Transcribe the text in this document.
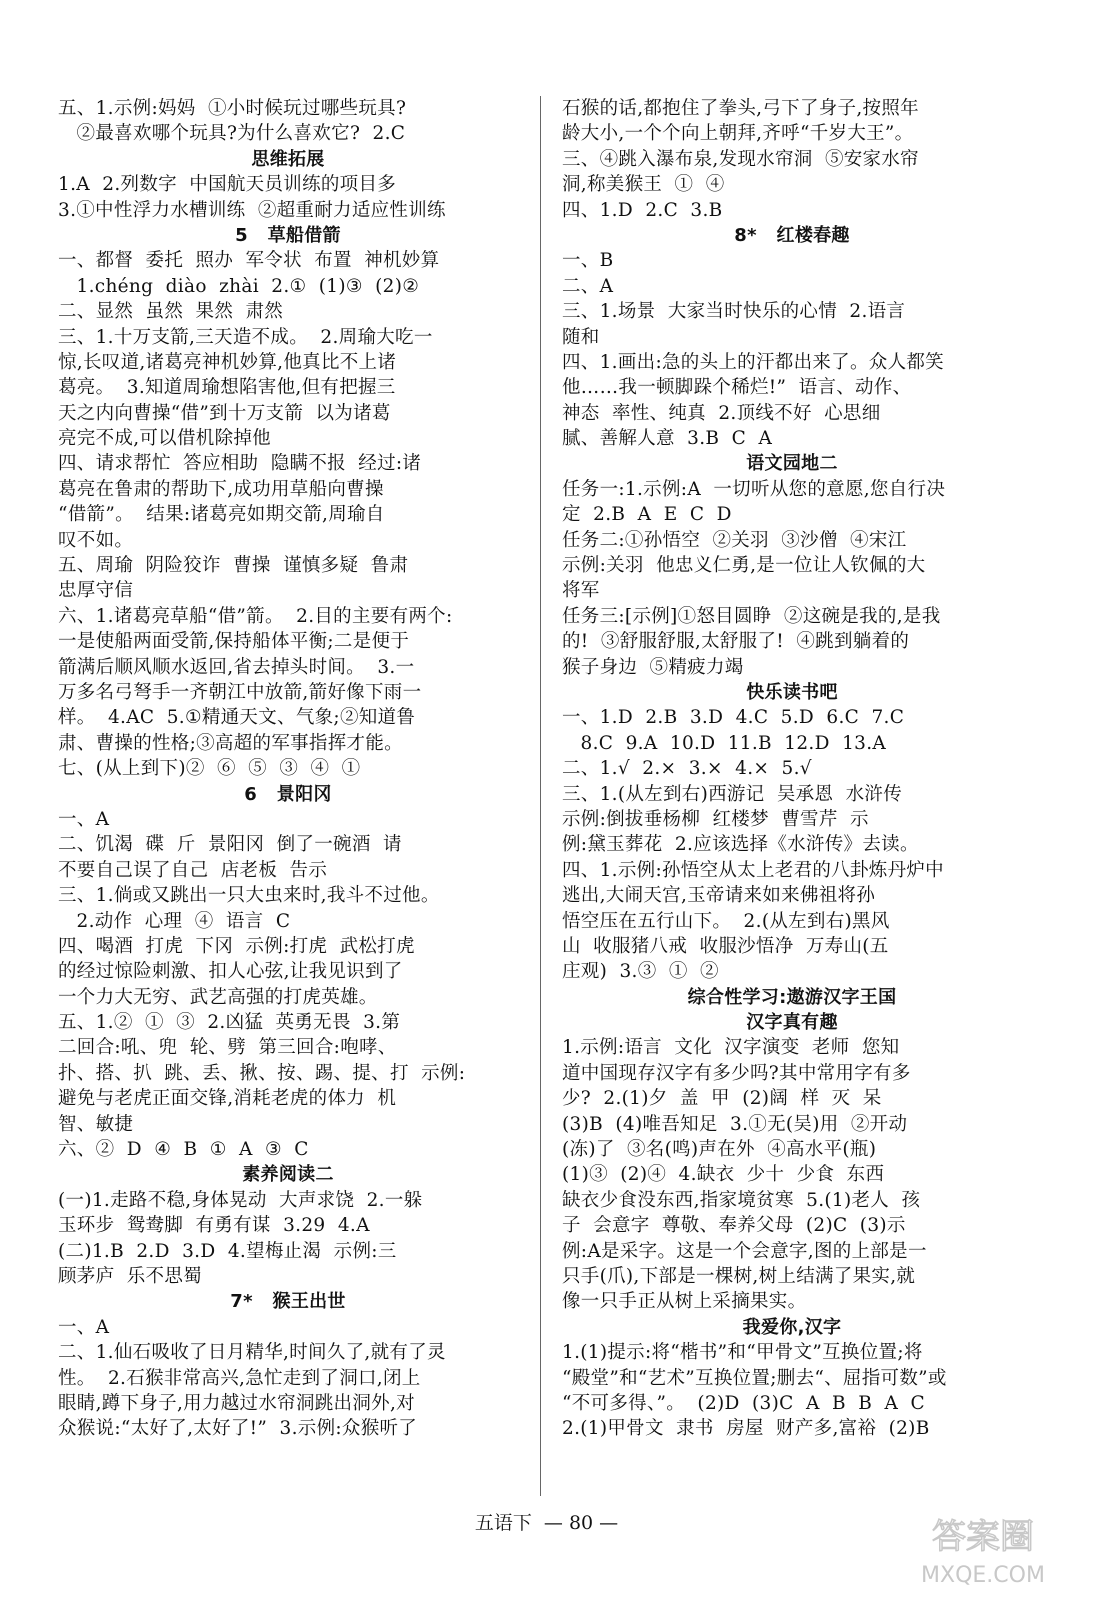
五、1.示例:妈妈  ①小时候玩过哪些玩具?
②最喜欢哪个玩具?为什么喜欢它?  2.C
思维拓展
1.A  2.列数字  中国航天员训练的项目多
3.①中性浮力水槽训练  ②超重耐力适应性训练
5   草船借箭
一、都督  委托  照办  军令状  布置  神机妙算
1.chéng  diào  zhài  2.①  (1)③  (2)②
二、显然  虽然  果然  肃然
三、1.十万支箭,三天造不成。  2.周瑜大吃一
惊,长叹道,诸葛亮神机妙算,他真比不上诸
葛亮。  3.知道周瑜想陷害他,但有把握三
天之内向曹操“借”到十万支箭  以为诸葛
亮完不成,可以借机除掉他
四、请求帮忙  答应相助  隐瞒不报  经过:诸
葛亮在鲁肃的帮助下,成功用草船向曹操
“借箭”。  结果:诸葛亮如期交箭,周瑜自
叹不如。
五、周瑜  阴险狡诈  曹操  谨慎多疑  鲁肃
忠厚守信
六、1.诸葛亮草船“借”箭。  2.目的主要有两个:
一是使船两面受箭,保持船体平衡;二是便于
箭满后顺风顺水返回,省去掉头时间。  3.一
万多名弓弩手一齐朝江中放箭,箭好像下雨一
样。  4.AC  5.①精通天文、气象;②知道鲁
肃、曹操的性格;③高超的军事指挥才能。
七、(从上到下)②  ⑥  ⑤  ③  ④  ①
6   景阳冈
一、A
二、饥渴  碟  斤  景阳冈  倒了一碗酒  请
不要自己误了自己  店老板  告示
三、1.倘或又跳出一只大虫来时,我斗不过他。
2.动作  心理  ④  语言  C
四、喝酒  打虎  下冈  示例:打虎  武松打虎
的经过惊险刺激、扣人心弦,让我见识到了
一个力大无穷、武艺高强的打虎英雄。
五、1.②  ①  ③  2.凶猛  英勇无畏  3.第
二回合:吼、兜  轮、劈  第三回合:咆哮、
扑、搭、扒  跳、丢、揪、按、踢、提、打  示例:
避免与老虎正面交锋,消耗老虎的体力  机
智、敏捷
六、②  D  ④  B  ①  A  ③  C
素养阅读二
(一)1.走路不稳,身体晃动  大声求饶  2.一躲
玉环步  鸳鸯脚  有勇有谋  3.29  4.A
(二)1.B  2.D  3.D  4.望梅止渴  示例:三
顾茅庐  乐不思蜀
7*   猴王出世
一、A
二、1.仙石吸收了日月精华,时间久了,就有了灵
性。  2.石猴非常高兴,急忙走到了洞口,闭上
眼睛,蹲下身子,用力越过水帘洞跳出洞外,对
众猴说:“太好了,太好了!”  3.示例:众猴听了
石猴的话,都抱住了拳头,弓下了身子,按照年
龄大小,一个个向上朝拜,齐呼“千岁大王”。
三、④跳入瀑布泉,发现水帘洞  ⑤安家水帘
洞,称美猴王  ①  ④
四、1.D  2.C  3.B
8*   红楼春趣
一、B
二、A
三、1.场景  大家当时快乐的心情  2.语言
随和
四、1.画出:急的头上的汗都出来了。众人都笑
他……我一顿脚跺个稀烂!”  语言、动作、
神态  率性、纯真  2.顶线不好  心思细
腻、善解人意  3.B  C  A
语文园地二
任务一:1.示例:A  一切听从您的意愿,您自行决
定  2.B  A  E  C  D
任务二:①孙悟空  ②关羽  ③沙僧  ④宋江
示例:关羽  他忠义仁勇,是一位让人钦佩的大
将军
任务三:[示例]①怒目圆睁  ②这碗是我的,是我
的!  ③舒服舒服,太舒服了!  ④跳到躺着的
猴子身边  ⑤精疲力竭
快乐读书吧
一、1.D  2.B  3.D  4.C  5.D  6.C  7.C
8.C  9.A  10.D  11.B  12.D  13.A
二、1.√  2.×  3.×  4.×  5.√
三、1.(从左到右)西游记  吴承恩  水浒传
示例:倒拔垂杨柳  红楼梦  曹雪芹  示
例:黛玉葬花  2.应该选择《水浒传》去读。
四、1.示例:孙悟空从太上老君的八卦炼丹炉中
逃出,大闹天宫,玉帝请来如来佛祖将孙
悟空压在五行山下。  2.(从左到右)黑风
山  收服猪八戒  收服沙悟净  万寿山(五
庄观)  3.③  ①  ②
综合性学习:遨游汉字王国
汉字真有趣
1.示例:语言  文化  汉字演变  老师  您知
道中国现存汉字有多少吗?其中常用字有多
少?  2.(1)夕  盖  甲  (2)阔  样  灭  呆
(3)B  (4)唯吾知足  3.①无(吴)用  ②开动
(冻)了  ③名(鸣)声在外  ④高水平(瓶)
(1)③  (2)④  4.缺衣  少十  少食  东西
缺衣少食没东西,指家境贫寒  5.(1)老人  孩
子  会意字  尊敬、奉养父母  (2)C  (3)示
例:A是采字。这是一个会意字,图的上部是一
只手(爪),下部是一棵树,树上结满了果实,就
像一只手正从树上采摘果实。
我爱你,汉字
1.(1)提示:将“楷书”和“甲骨文”互换位置;将
“殿堂”和“艺术”互换位置;删去“、屈指可数”或
“不可多得、”。  (2)D  (3)C  A  B  B  A  C
2.(1)甲骨文  隶书  房屋  财产多,富裕  (2)B
五语下  — 80 —	答案圈
MXQE.COM
